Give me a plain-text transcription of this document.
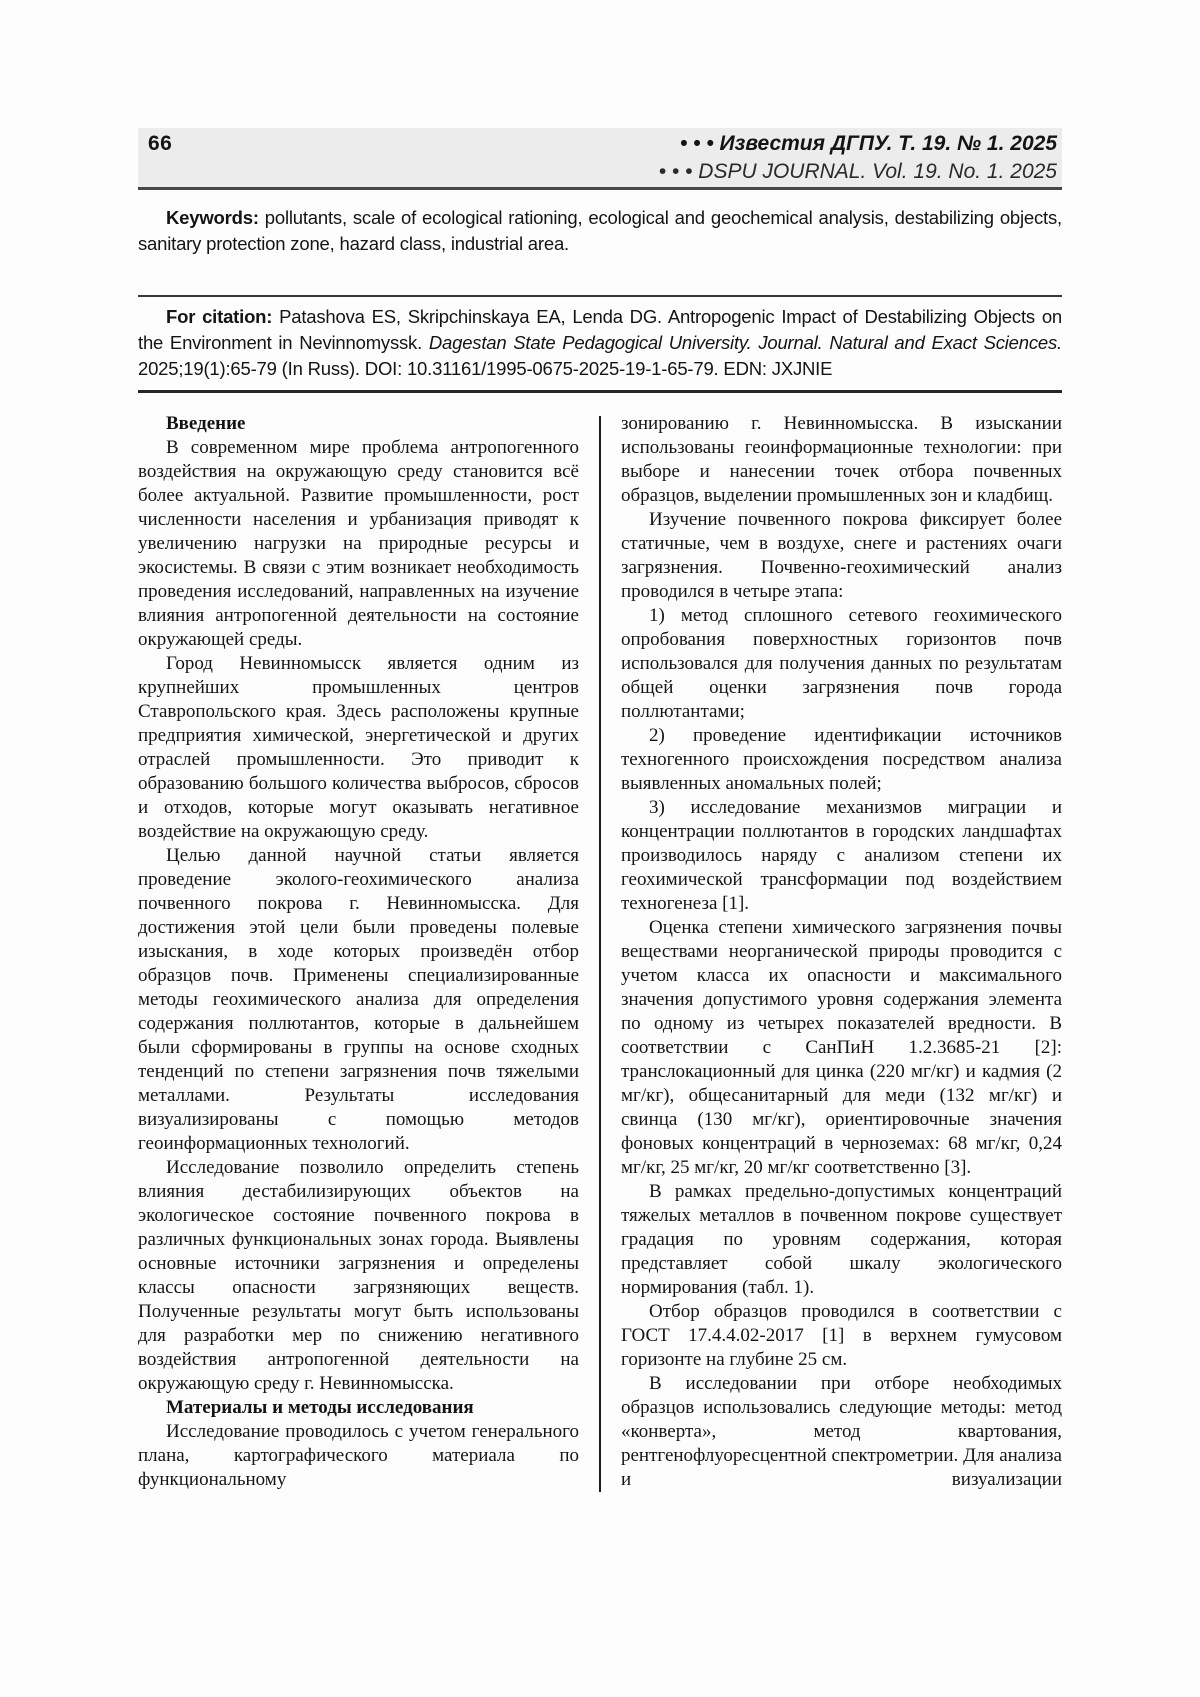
66	• • • Известия ДГПУ. Т. 19. № 1. 2025
• • • DSPU JOURNAL. Vol. 19. No. 1. 2025

Keywords: pollutants, scale of ecological rationing, ecological and geochemical analysis, destabilizing objects, sanitary protection zone, hazard class, industrial area.

For citation: Patashova ES, Skripchinskaya EA, Lenda DG. Antropogenic Impact of Destabilizing Objects on the Environment in Nevinnomyssk. Dagestan State Pedagogical University. Journal. Natural and Exact Sciences. 2025;19(1):65-79 (In Russ). DOI: 10.31161/1995-0675-2025-19-1-65-79. EDN: JXJNIE

Введение

В современном мире проблема антропогенного воздействия на окружающую среду становится всё более актуальной. Развитие промышленности, рост численности населения и урбанизация приводят к увеличению нагрузки на природные ресурсы и экосистемы. В связи с этим возникает необходимость проведения исследований, направленных на изучение влияния антропогенной деятельности на состояние окружающей среды.

Город Невинномысск является одним из крупнейших промышленных центров Ставропольского края. Здесь расположены крупные предприятия химической, энергетической и других отраслей промышленности. Это приводит к образованию большого количества выбросов, сбросов и отходов, которые могут оказывать негативное воздействие на окружающую среду.

Целью данной научной статьи является проведение эколого-геохимического анализа почвенного покрова г. Невинномысска. Для достижения этой цели были проведены полевые изыскания, в ходе которых произведён отбор образцов почв. Применены специализированные методы геохимического анализа для определения содержания поллютантов, которые в дальнейшем были сформированы в группы на основе сходных тенденций по степени загрязнения почв тяжелыми металлами. Результаты исследования визуализированы с помощью методов геоинформационных технологий.

Исследование позволило определить степень влияния дестабилизирующих объектов на экологическое состояние почвенного покрова в различных функциональных зонах города. Выявлены основные источники загрязнения и определены классы опасности загрязняющих веществ. Полученные результаты могут быть использованы для разработки мер по снижению негативного воздействия антропогенной деятельности на окружающую среду г. Невинномысска.

Материалы и методы исследования

Исследование проводилось с учетом генерального плана, картографического материала по функциональному

зонированию г. Невинномысска. В изыскании использованы геоинформационные технологии: при выборе и нанесении точек отбора почвенных образцов, выделении промышленных зон и кладбищ.

Изучение почвенного покрова фиксирует более статичные, чем в воздухе, снеге и растениях очаги загрязнения. Почвенно-геохимический анализ проводился в четыре этапа:

1) метод сплошного сетевого геохимического опробования поверхностных горизонтов почв использовался для получения данных по результатам общей оценки загрязнения почв города поллютантами;

2) проведение идентификации источников техногенного происхождения посредством анализа выявленных аномальных полей;

3) исследование механизмов миграции и концентрации поллютантов в городских ландшафтах производилось наряду с анализом степени их геохимической трансформации под воздействием техногенеза [1].

Оценка степени химического загрязнения почвы веществами неорганической природы проводится с учетом класса их опасности и максимального значения допустимого уровня содержания элемента по одному из четырех показателей вредности. В соответствии с СанПиН 1.2.3685-21 [2]: транслокационный для цинка (220 мг/кг) и кадмия (2 мг/кг), общесанитарный для меди (132 мг/кг) и свинца (130 мг/кг), ориентировочные значения фоновых концентраций в черноземах: 68 мг/кг, 0,24 мг/кг, 25 мг/кг, 20 мг/кг соответственно [3].

В рамках предельно-допустимых концентраций тяжелых металлов в почвенном покрове существует градация по уровням содержания, которая представляет собой шкалу экологического нормирования (табл. 1).

Отбор образцов проводился в соответствии с ГОСТ 17.4.4.02-2017 [1] в верхнем гумусовом горизонте на глубине 25 см.

В исследовании при отборе необходимых образцов использовались следующие методы: метод «конверта», метод квартования, рентгенофлуоресцентной спектрометрии. Для анализа и визуализации
